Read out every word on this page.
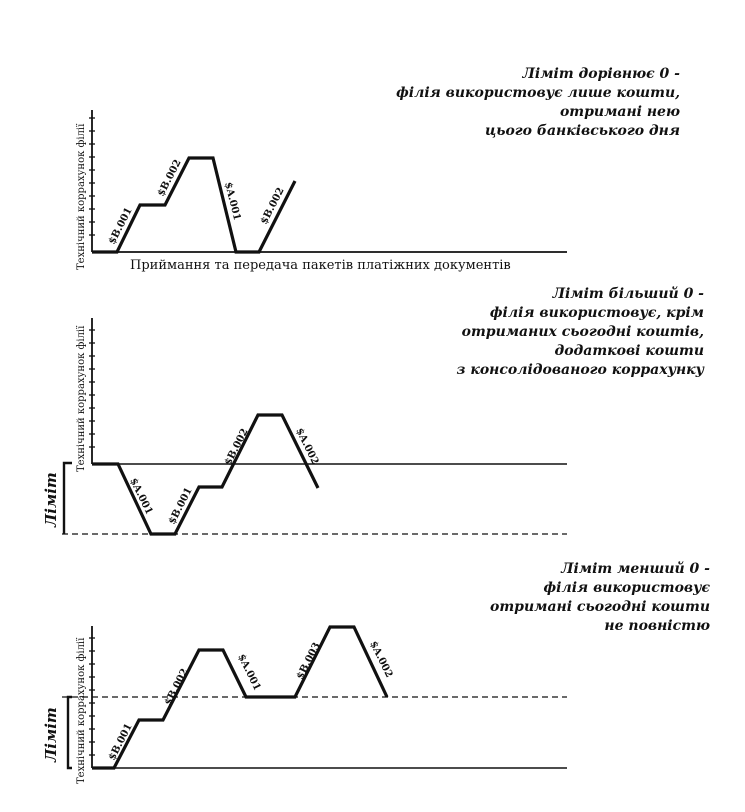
Ліміт дорівнює 0 -
філія використовує лише кошти,
отримані нею
цього банківського дня
Технічний коррахунок філії $B.001
$B.002
$A.001 $B.002
Приймання та передача пакетів платіжних документів
Ліміт більший 0 -
філія використовує, крім
отриманих сьогодні коштів,
додаткові кошти
з консолідованого коррахунку
Технічний коррахунок філії
Ліміт	$A.001 $B.001
$B.002	$A.002
Ліміт менший 0 -
філія використовує
отримані сьогодні кошти
не повністю
Технічний коррахунок філії
Ліміт	$B.001
$B.002	$A.001	$B.003	$A.002
